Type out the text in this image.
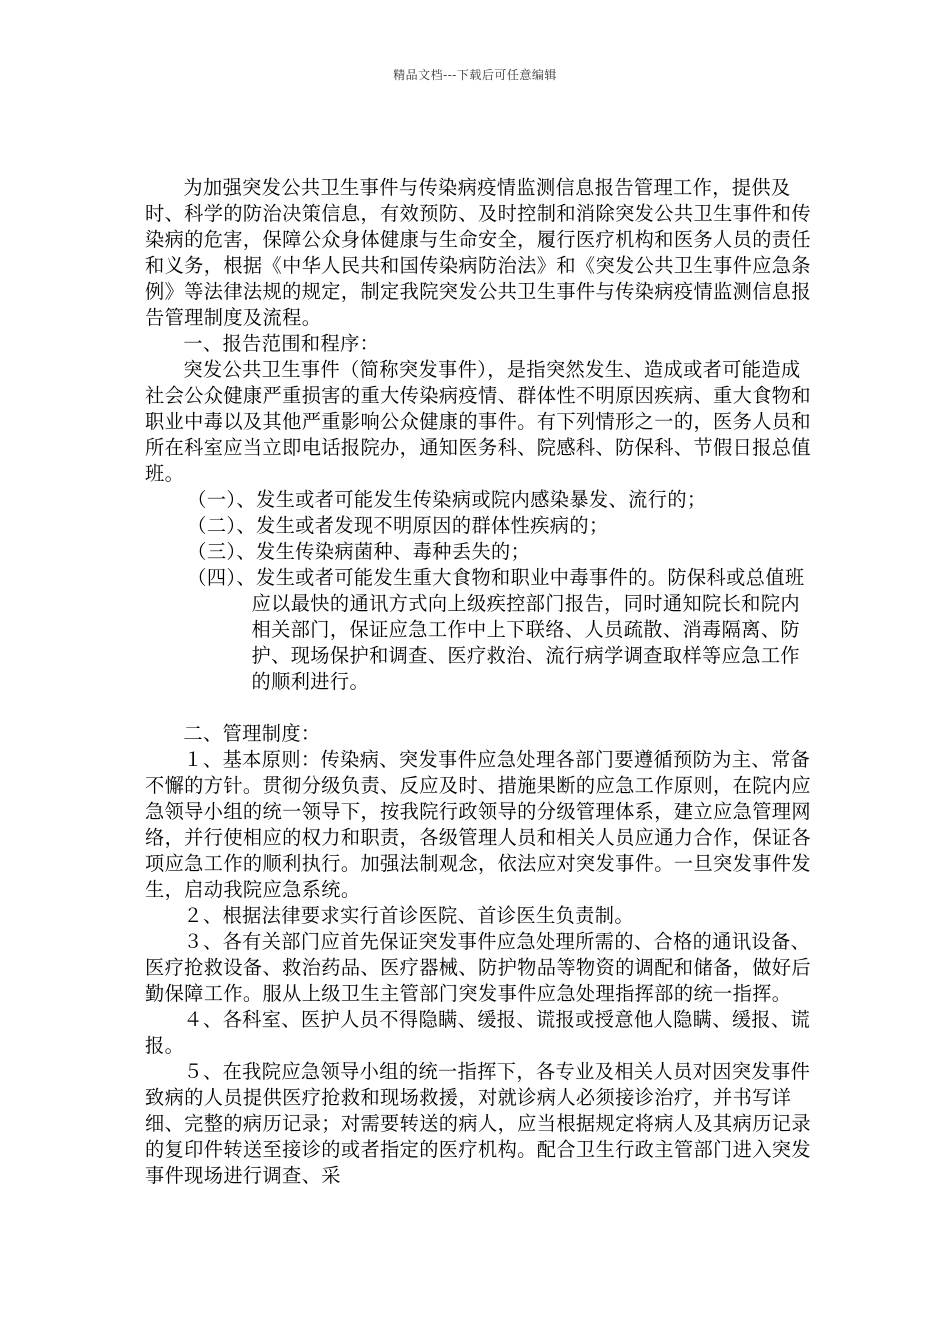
精品文档---下载后可任意编辑

为加强突发公共卫生事件与传染病疫情监测信息报告管理工作，提供及时、科学的防治决策信息，有效预防、及时控制和消除突发公共卫生事件和传染病的危害，保障公众身体健康与生命安全，履行医疗机构和医务人员的责任和义务，根据《中华人民共和国传染病防治法》和《突发公共卫生事件应急条例》等法律法规的规定，制定我院突发公共卫生事件与传染病疫情监测信息报告管理制度及流程。

一、报告范围和程序：

突发公共卫生事件（简称突发事件），是指突然发生、造成或者可能造成社会公众健康严重损害的重大传染病疫情、群体性不明原因疾病、重大食物和职业中毒以及其他严重影响公众健康的事件。有下列情形之一的，医务人员和所在科室应当立即电话报院办，通知医务科、院感科、防保科、节假日报总值班。

（一）、发生或者可能发生传染病或院内感染暴发、流行的；

（二）、发生或者发现不明原因的群体性疾病的；

（三）、发生传染病菌种、毒种丢失的；

（四）、发生或者可能发生重大食物和职业中毒事件的。防保科或总值班应以最快的通讯方式向上级疾控部门报告，同时通知院长和院内相关部门，保证应急工作中上下联络、人员疏散、消毒隔离、防护、现场保护和调查、医疗救治、流行病学调查取样等应急工作的顺利进行。

二、管理制度：

１、基本原则：传染病、突发事件应急处理各部门要遵循预防为主、常备不懈的方针。贯彻分级负责、反应及时、措施果断的应急工作原则，在院内应急领导小组的统一领导下，按我院行政领导的分级管理体系，建立应急管理网络，并行使相应的权力和职责，各级管理人员和相关人员应通力合作，保证各项应急工作的顺利执行。加强法制观念，依法应对突发事件。一旦突发事件发生，启动我院应急系统。

２、根据法律要求实行首诊医院、首诊医生负责制。

３、各有关部门应首先保证突发事件应急处理所需的、合格的通讯设备、医疗抢救设备、救治药品、医疗器械、防护物品等物资的调配和储备，做好后勤保障工作。服从上级卫生主管部门突发事件应急处理指挥部的统一指挥。

４、各科室、医护人员不得隐瞒、缓报、谎报或授意他人隐瞒、缓报、谎报。

５、在我院应急领导小组的统一指挥下，各专业及相关人员对因突发事件致病的人员提供医疗抢救和现场救援，对就诊病人必须接诊治疗，并书写详细、完整的病历记录；对需要转送的病人，应当根据规定将病人及其病历记录的复印件转送至接诊的或者指定的医疗机构。配合卫生行政主管部门进入突发事件现场进行调查、采
